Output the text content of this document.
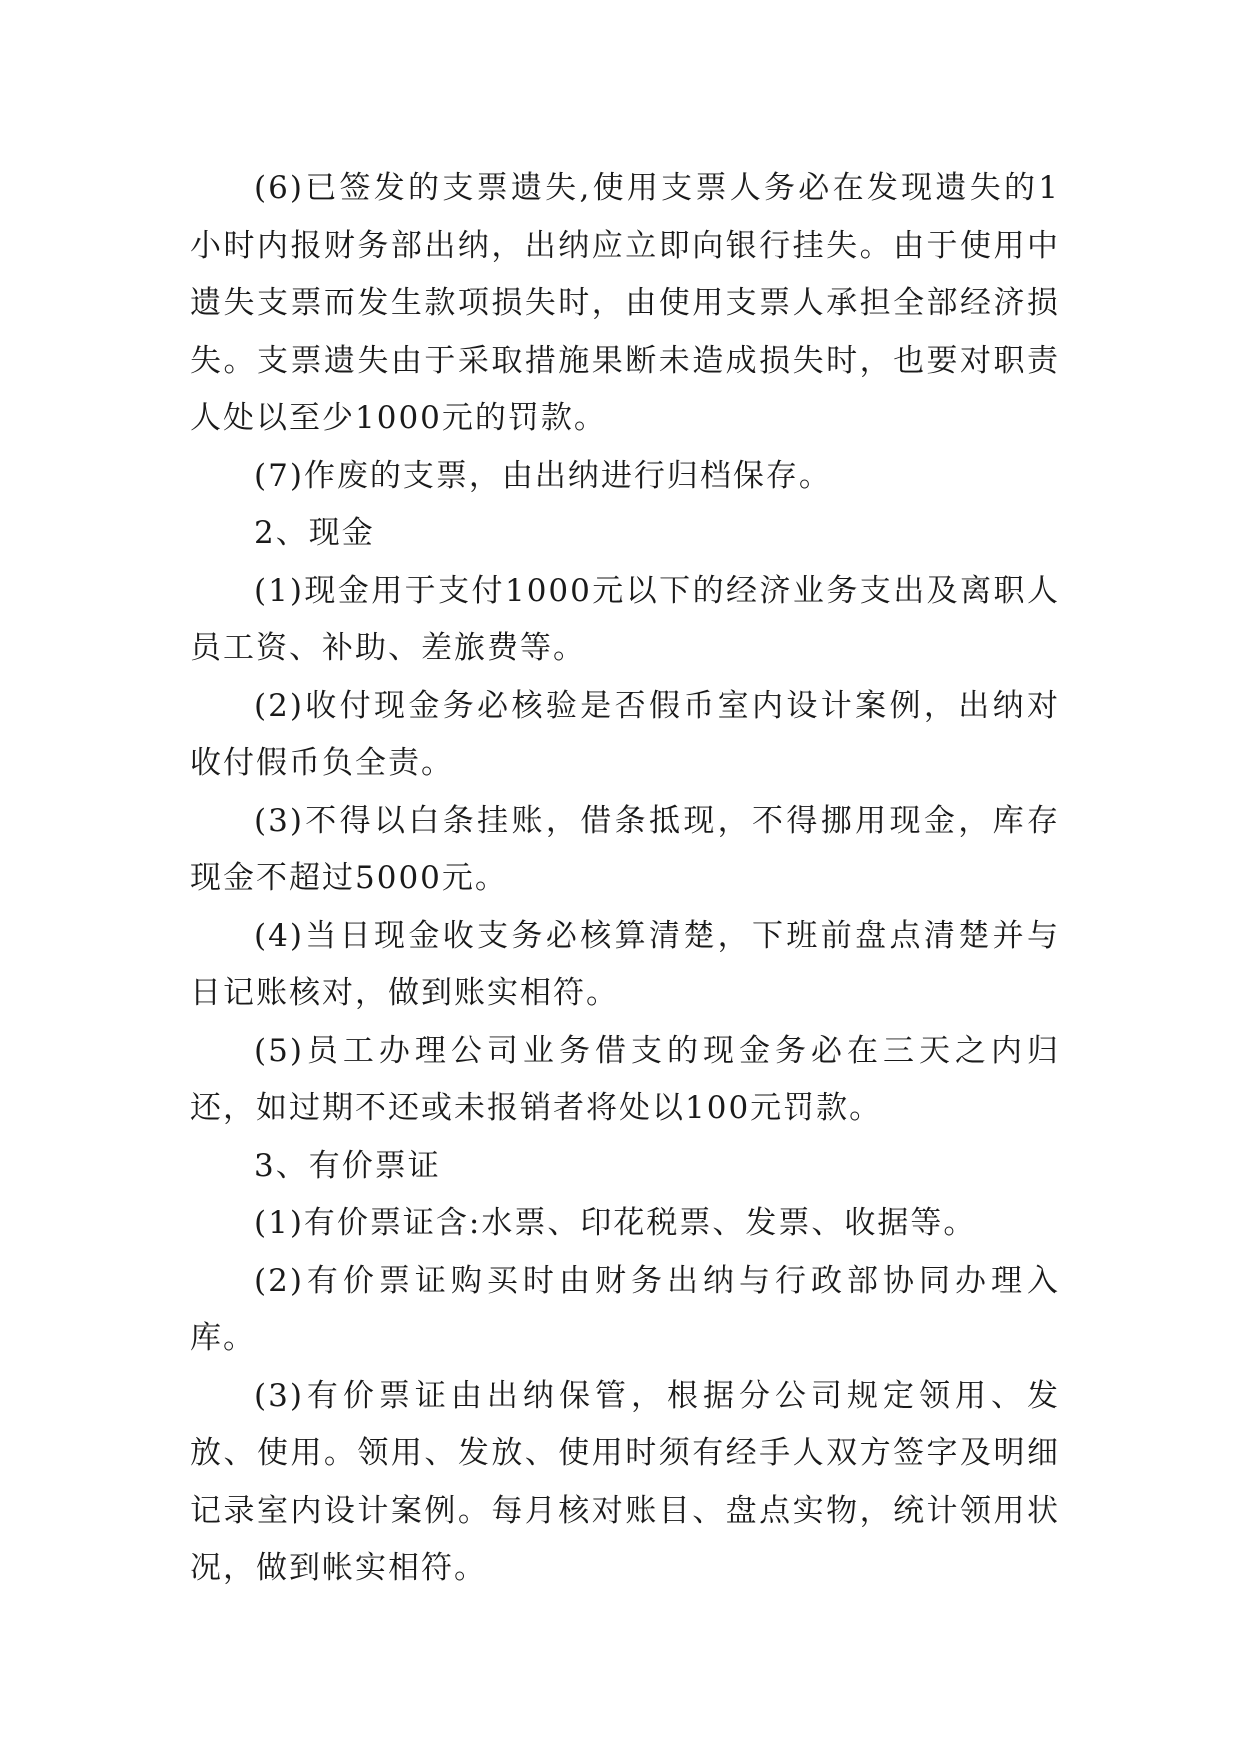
(6)已签发的支票遗失,使用支票人务必在发现遗失的1小时内报财务部出纳，出纳应立即向银行挂失。由于使用中遗失支票而发生款项损失时，由使用支票人承担全部经济损失。支票遗失由于采取措施果断未造成损失时，也要对职责人处以至少1000元的罚款。

(7)作废的支票，由出纳进行归档保存。

2、现金

(1)现金用于支付1000元以下的经济业务支出及离职人员工资、补助、差旅费等。

(2)收付现金务必核验是否假币室内设计案例，出纳对收付假币负全责。

(3)不得以白条挂账，借条抵现，不得挪用现金，库存现金不超过5000元。

(4)当日现金收支务必核算清楚，下班前盘点清楚并与日记账核对，做到账实相符。

(5)员工办理公司业务借支的现金务必在三天之内归还，如过期不还或未报销者将处以100元罚款。

3、有价票证

(1)有价票证含:水票、印花税票、发票、收据等。

(2)有价票证购买时由财务出纳与行政部协同办理入库。

(3)有价票证由出纳保管，根据分公司规定领用、发放、使用。领用、发放、使用时须有经手人双方签字及明细记录室内设计案例。每月核对账目、盘点实物，统计领用状况，做到帐实相符。
